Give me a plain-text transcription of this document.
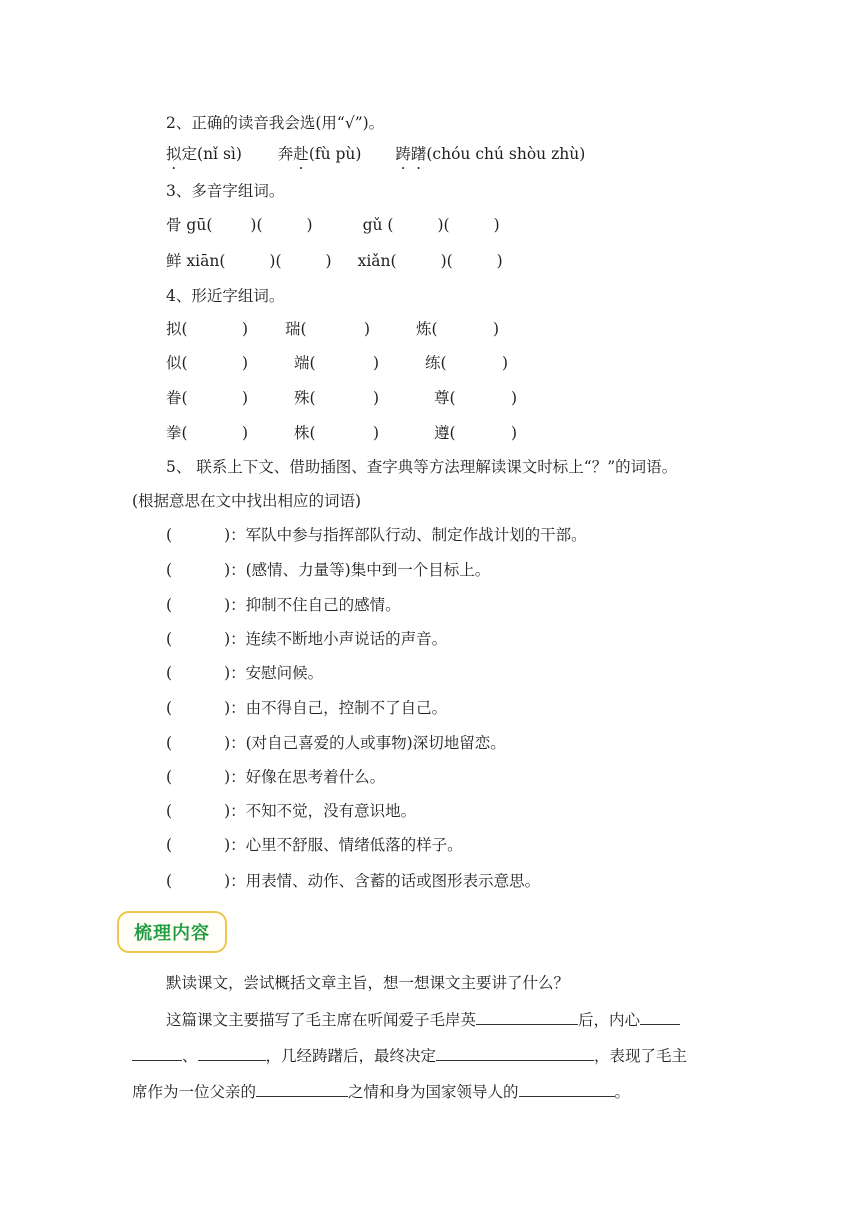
2、正确的读音我会选(用“√”)。
拟定(nǐ sì) 奔赴(fù pù) 踌躇(chóu chú shòu zhù)
3、多音字组词。
骨 gū( )(	)	gǔ (	)(	)
鲜 xiān(	)(	) xiǎn(	)(	)
4、形近字组词。
拟(	) 瑞(	)	炼(	)
似(	)	端(	)	练(	)
眷(	)	殊(	)	尊(	)
拳(	)	株(	)	遵(	)
5、 联系上下文、借助插图、查字典等方法理解读课文时标上“？”的词语。
(根据意思在文中找出相应的词语)
(	)：军队中参与指挥部队行动、制定作战计划的干部。
(	)：(感情、力量等)集中到一个目标上。
(	)：抑制不住自己的感情。
(	)：连续不断地小声说话的声音。
(	)：安慰问候。
(	)：由不得自己，控制不了自己。
(	)：(对自己喜爱的人或事物)深切地留恋。
(	)：好像在思考着什么。
(	)：不知不觉，没有意识地。
(	)：心里不舒服、情绪低落的样子。
(	)：用表情、动作、含蓄的话或图形表示意思。
梳理内容
默读课文，尝试概括文章主旨，想一想课文主要讲了什么？
这篇课文主要描写了毛主席在听闻爱子毛岸英	后，内心
、	，几经踌躇后，最终决定	，表现了毛主
席作为一位父亲的	之情和身为国家领导人的	。
